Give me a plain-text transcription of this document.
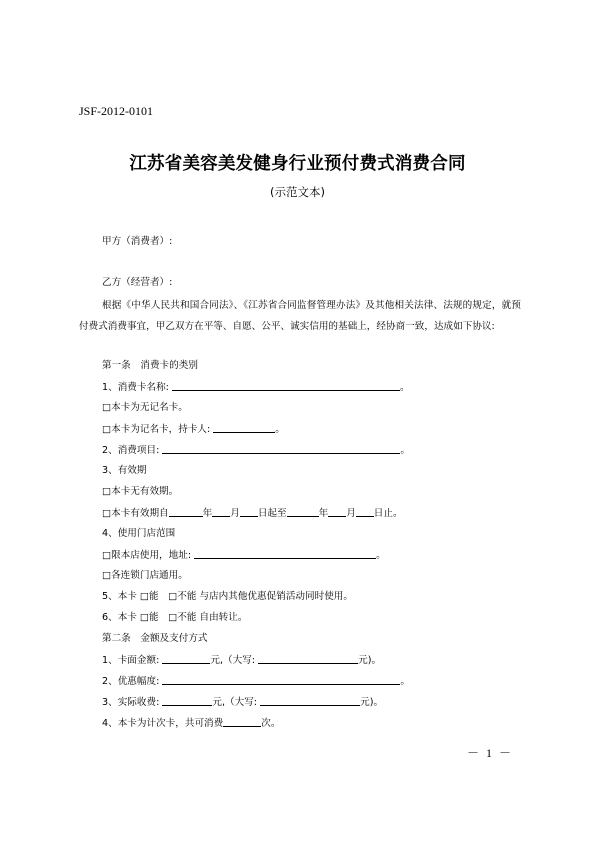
JSF-2012-0101
江苏省美容美发健身行业预付费式消费合同
(示范文本)
甲方（消费者）:
乙方（经营者）:
根据《中华人民共和国合同法》、《江苏省合同监督管理办法》及其他相关法律、法规的规定，就预付费式消费事宜，甲乙双方在平等、自愿、公平、诚实信用的基础上，经协商一致，达成如下协议:
第一条　消费卡的类别
1、消费卡名称:	。
□本卡为无记名卡。
□本卡为记名卡，持卡人:	。
2、消费项目:	。
3、有效期
□本卡无有效期。
□本卡有效期自	年 月 日起至	年 月 日止。
4、使用门店范围
□限本店使用，地址:	。
□各连锁门店通用。
5、本卡 □能　□不能 与店内其他优惠促销活动同时使用。
6、本卡 □能　□不能 自由转让。
第二条　金额及支付方式
1、卡面金额:	元,（大写:	元)。
2、优惠幅度:	。
3、实际收费:	元,（大写:	元)。
4、本卡为计次卡，共可消费	次。
－ 1 －
